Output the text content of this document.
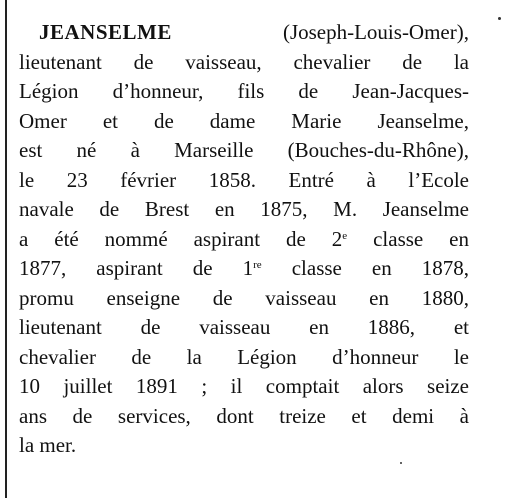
JEANSELME (Joseph-Louis-Omer),
lieutenant de vaisseau, chevalier de la
Légion d’honneur, fils de Jean-Jacques-
Omer et de dame Marie Jeanselme,
est né à Marseille (Bouches-du-Rhône),
le 23 février 1858. Entré à l’Ecole
navale de Brest en 1875, M. Jeanselme
a été nommé aspirant de 2e classe en
1877, aspirant de 1re classe en 1878,
promu enseigne de vaisseau en 1880,
lieutenant de vaisseau en 1886, et
chevalier de la Légion d’honneur le
10 juillet 1891 ; il comptait alors seize
ans de services, dont treize et demi à
la mer.
